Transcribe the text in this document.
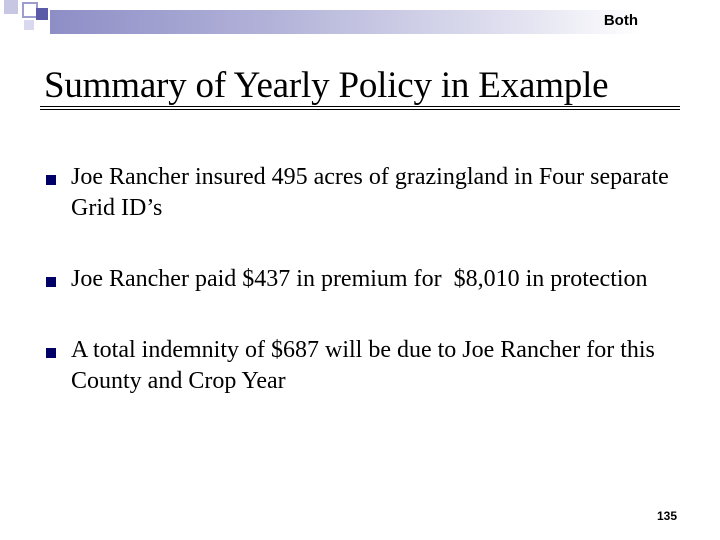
Both
Summary of Yearly Policy in Example
Joe Rancher insured 495 acres of grazingland in Four separate Grid ID’s
Joe Rancher paid $437 in premium for  $8,010 in protection
A total indemnity of $687 will be due to Joe Rancher for this County and Crop Year
135
